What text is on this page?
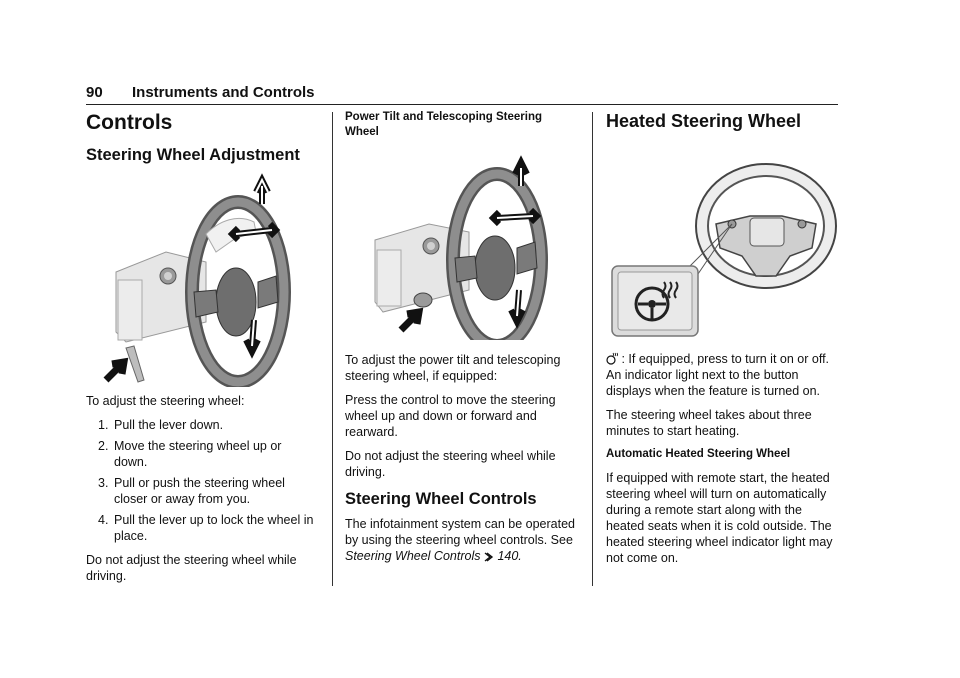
90 Instruments and Controls
Controls
Steering Wheel Adjustment

To adjust the steering wheel:

1. Pull the lever down.
2. Move the steering wheel up or down.
3. Pull or push the steering wheel closer or away from you.
4. Pull the lever up to lock the wheel in place.

Do not adjust the steering wheel while driving.

Power Tilt and Telescoping Steering Wheel

To adjust the power tilt and telescoping steering wheel, if equipped:

Press the control to move the steering wheel up and down or forward and rearward.

Do not adjust the steering wheel while driving.

Steering Wheel Controls

The infotainment system can be operated by using the steering wheel controls. See Steering Wheel Controls 140.

Heated Steering Wheel

: If equipped, press to turn it on or off. An indicator light next to the button displays when the feature is turned on.

The steering wheel takes about three minutes to start heating.

Automatic Heated Steering Wheel

If equipped with remote start, the heated steering wheel will turn on automatically during a remote start along with the heated seats when it is cold outside. The heated steering wheel indicator light may not come on.
